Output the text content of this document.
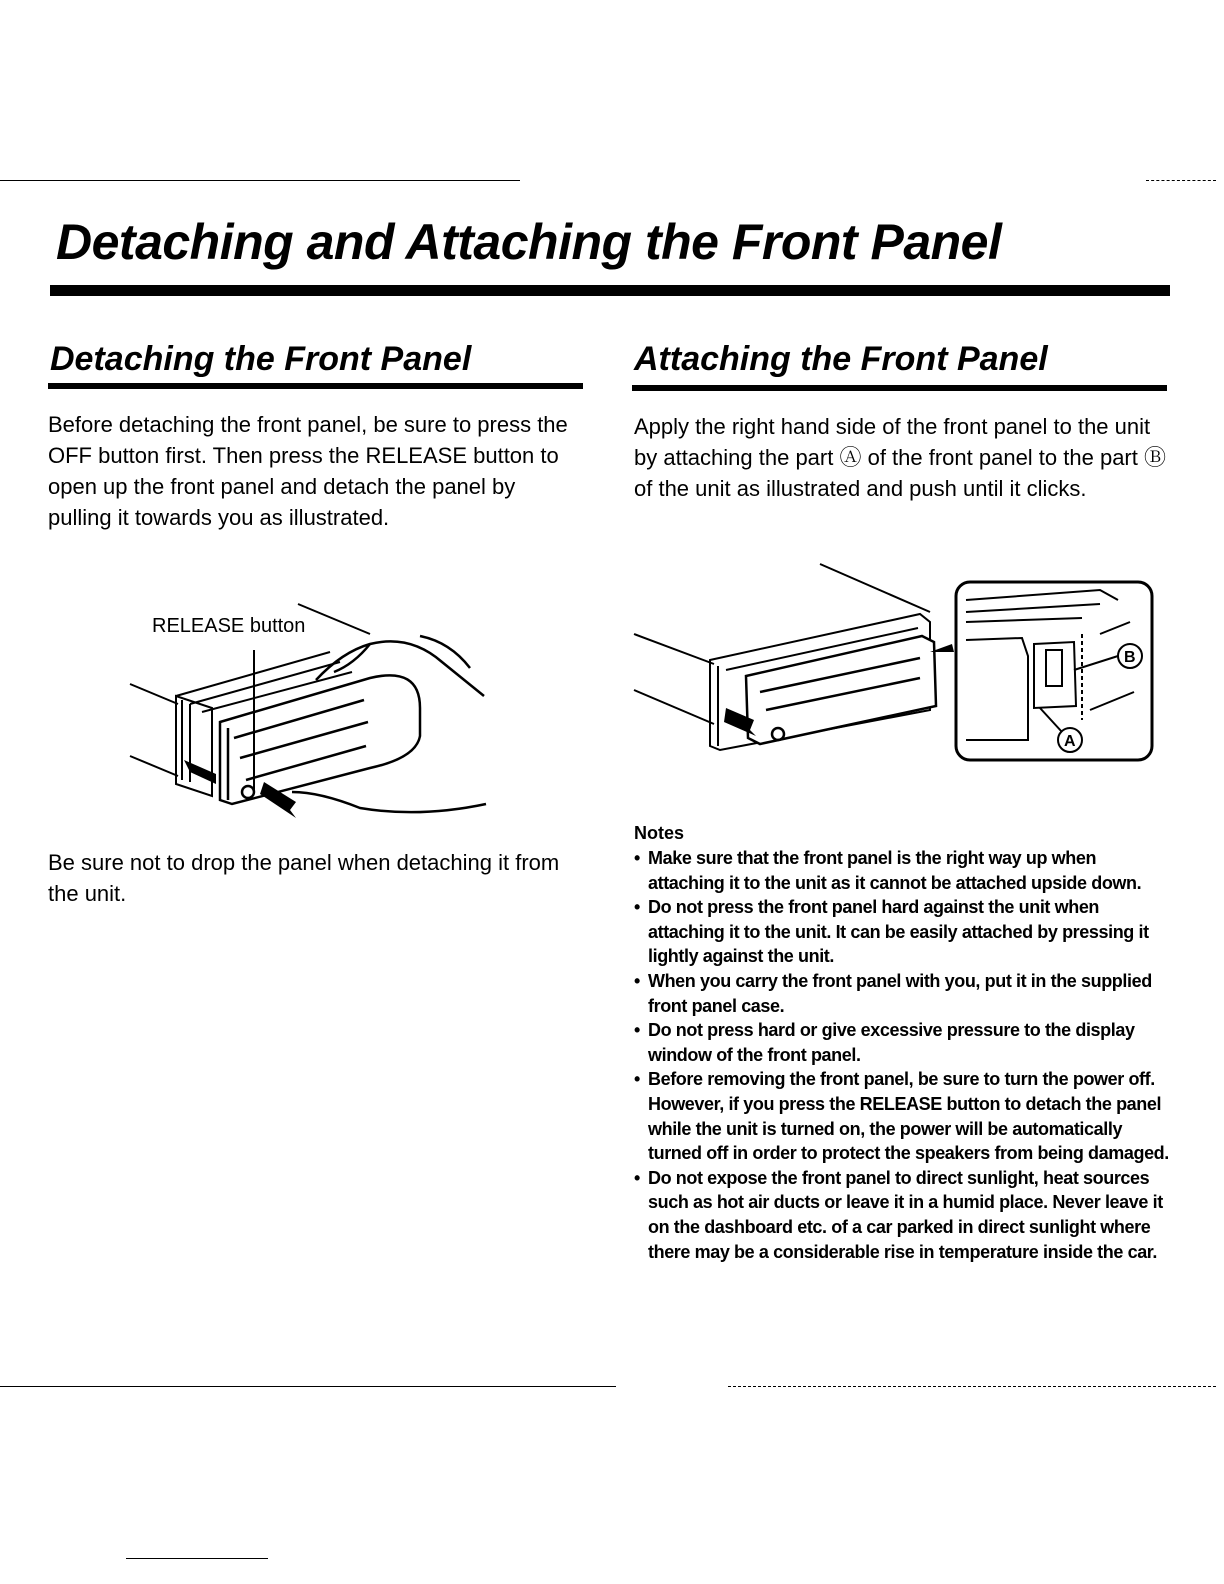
Detaching and Attaching the Front Panel
Detaching the Front Panel

Before detaching the front panel, be sure to press the OFF button first. Then press the RELEASE button to open up the front panel and detach the panel by pulling it towards you as illustrated.

RELEASE button

Be sure not to drop the panel when detaching it from the unit.

Attaching the Front Panel

Apply the right hand side of the front panel to the unit by attaching the part Ⓐ of the front panel to the part Ⓑ of the unit as illustrated and push until it clicks.

B
A

Notes

• Make sure that the front panel is the right way up when attaching it to the unit as it cannot be attached upside down.
• Do not press the front panel hard against the unit when attaching it to the unit. It can be easily attached by pressing it lightly against the unit.
• When you carry the front panel with you, put it in the supplied front panel case.
• Do not press hard or give excessive pressure to the display window of the front panel.
• Before removing the front panel, be sure to turn the power off. However, if you press the RELEASE button to detach the panel while the unit is turned on, the power will be automatically turned off in order to protect the speakers from being damaged.
• Do not expose the front panel to direct sunlight, heat sources such as hot air ducts or leave it in a humid place. Never leave it on the dashboard etc. of a car parked in direct sunlight where there may be a considerable rise in temperature inside the car.
